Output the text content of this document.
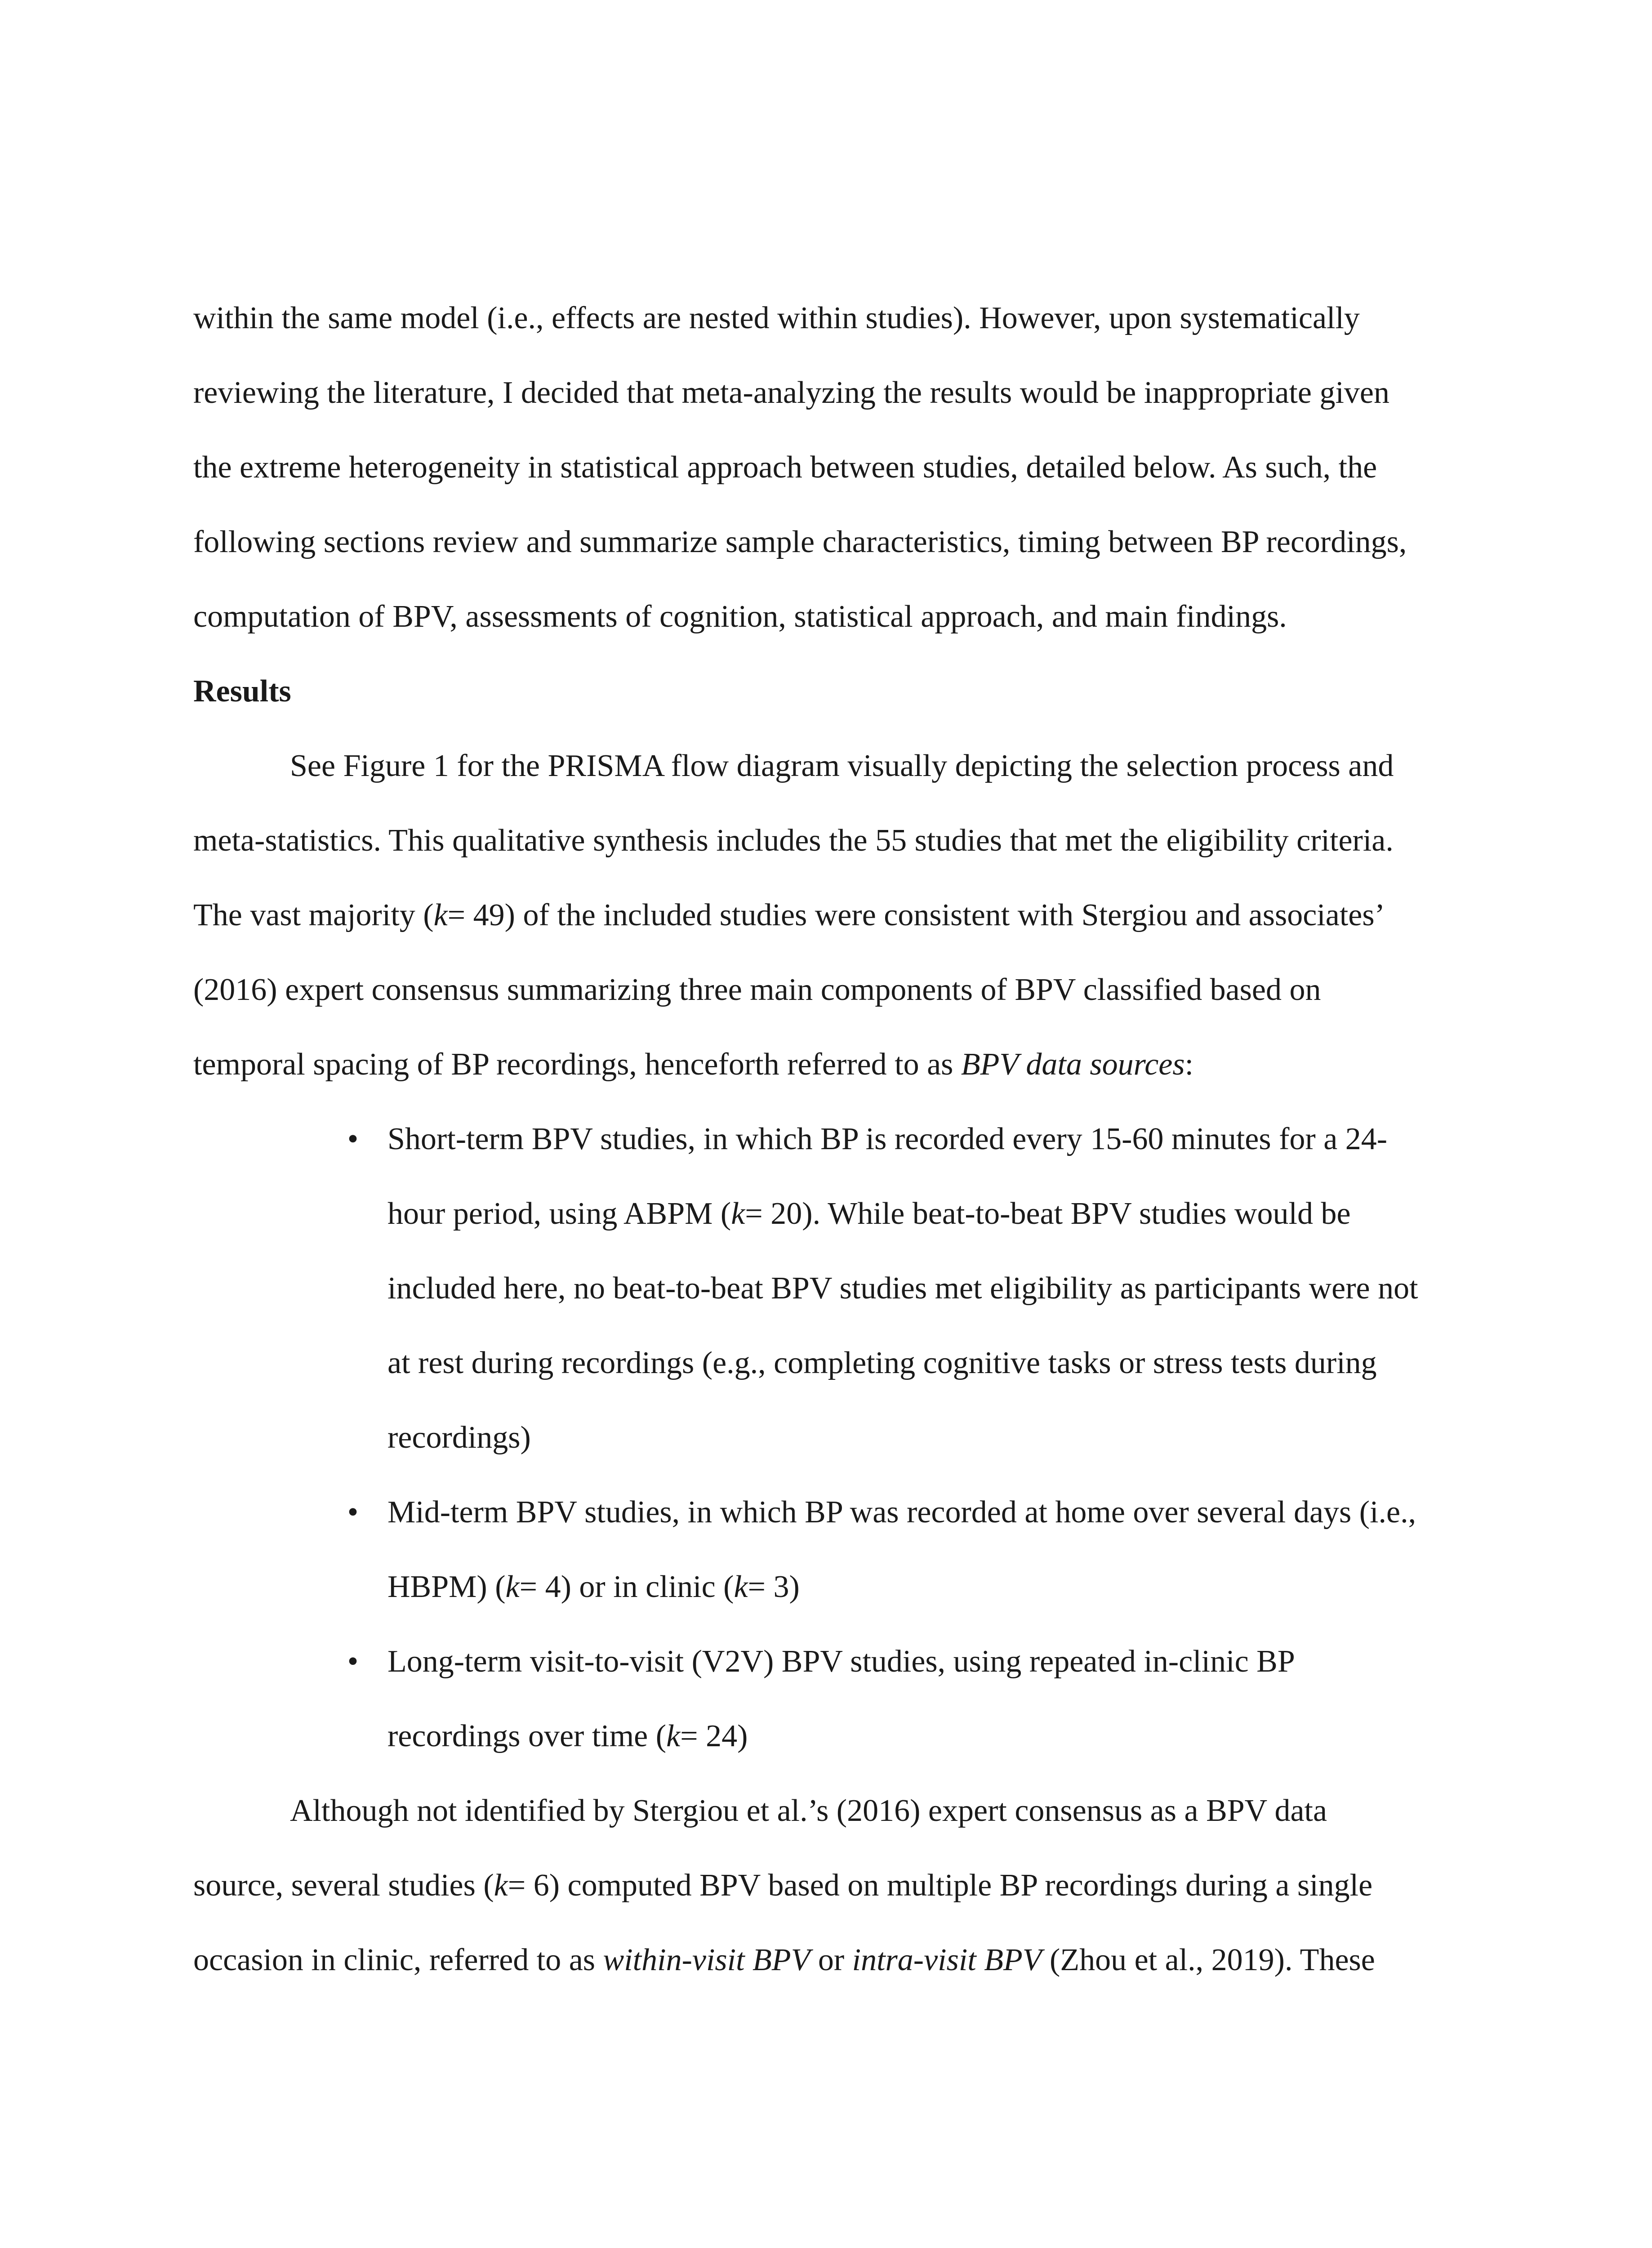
within the same model (i.e., effects are nested within studies). However, upon systematically
reviewing the literature, I decided that meta-analyzing the results would be inappropriate given
the extreme heterogeneity in statistical approach between studies, detailed below. As such, the
following sections review and summarize sample characteristics, timing between BP recordings,
computation of BPV, assessments of cognition, statistical approach, and main findings.
Results
See Figure 1 for the PRISMA flow diagram visually depicting the selection process and
meta-statistics. This qualitative synthesis includes the 55 studies that met the eligibility criteria.
The vast majority (k= 49) of the included studies were consistent with Stergiou and associates’
(2016) expert consensus summarizing three main components of BPV classified based on
temporal spacing of BP recordings, henceforth referred to as BPV data sources:
• Short-term BPV studies, in which BP is recorded every 15-60 minutes for a 24-
hour period, using ABPM (k= 20). While beat-to-beat BPV studies would be
included here, no beat-to-beat BPV studies met eligibility as participants were not
at rest during recordings (e.g., completing cognitive tasks or stress tests during
recordings)
• Mid-term BPV studies, in which BP was recorded at home over several days (i.e.,
HBPM) (k= 4) or in clinic (k= 3)
• Long-term visit-to-visit (V2V) BPV studies, using repeated in-clinic BP
recordings over time (k= 24)
Although not identified by Stergiou et al.’s (2016) expert consensus as a BPV data
source, several studies (k= 6) computed BPV based on multiple BP recordings during a single
occasion in clinic, referred to as within-visit BPV or intra-visit BPV (Zhou et al., 2019). These
